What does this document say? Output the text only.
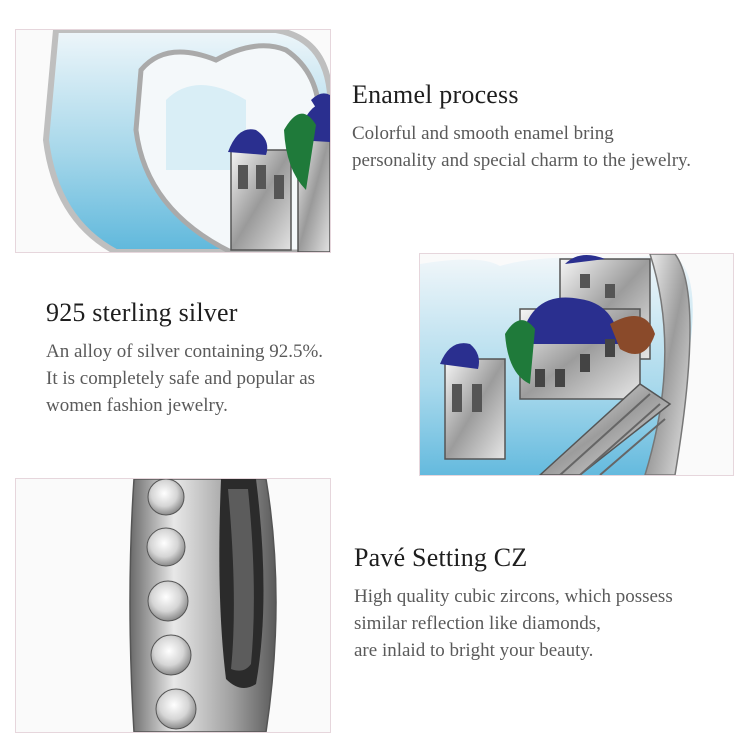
Enamel process
Colorful and smooth enamel bring
personality and special charm to the jewelry.
925 sterling silver
An alloy of silver containing 92.5%.
It is completely safe and popular as
women fashion jewelry.
Pavé Setting CZ
High quality cubic zircons, which possess
similar reflection like diamonds,
are inlaid to bright your beauty.
